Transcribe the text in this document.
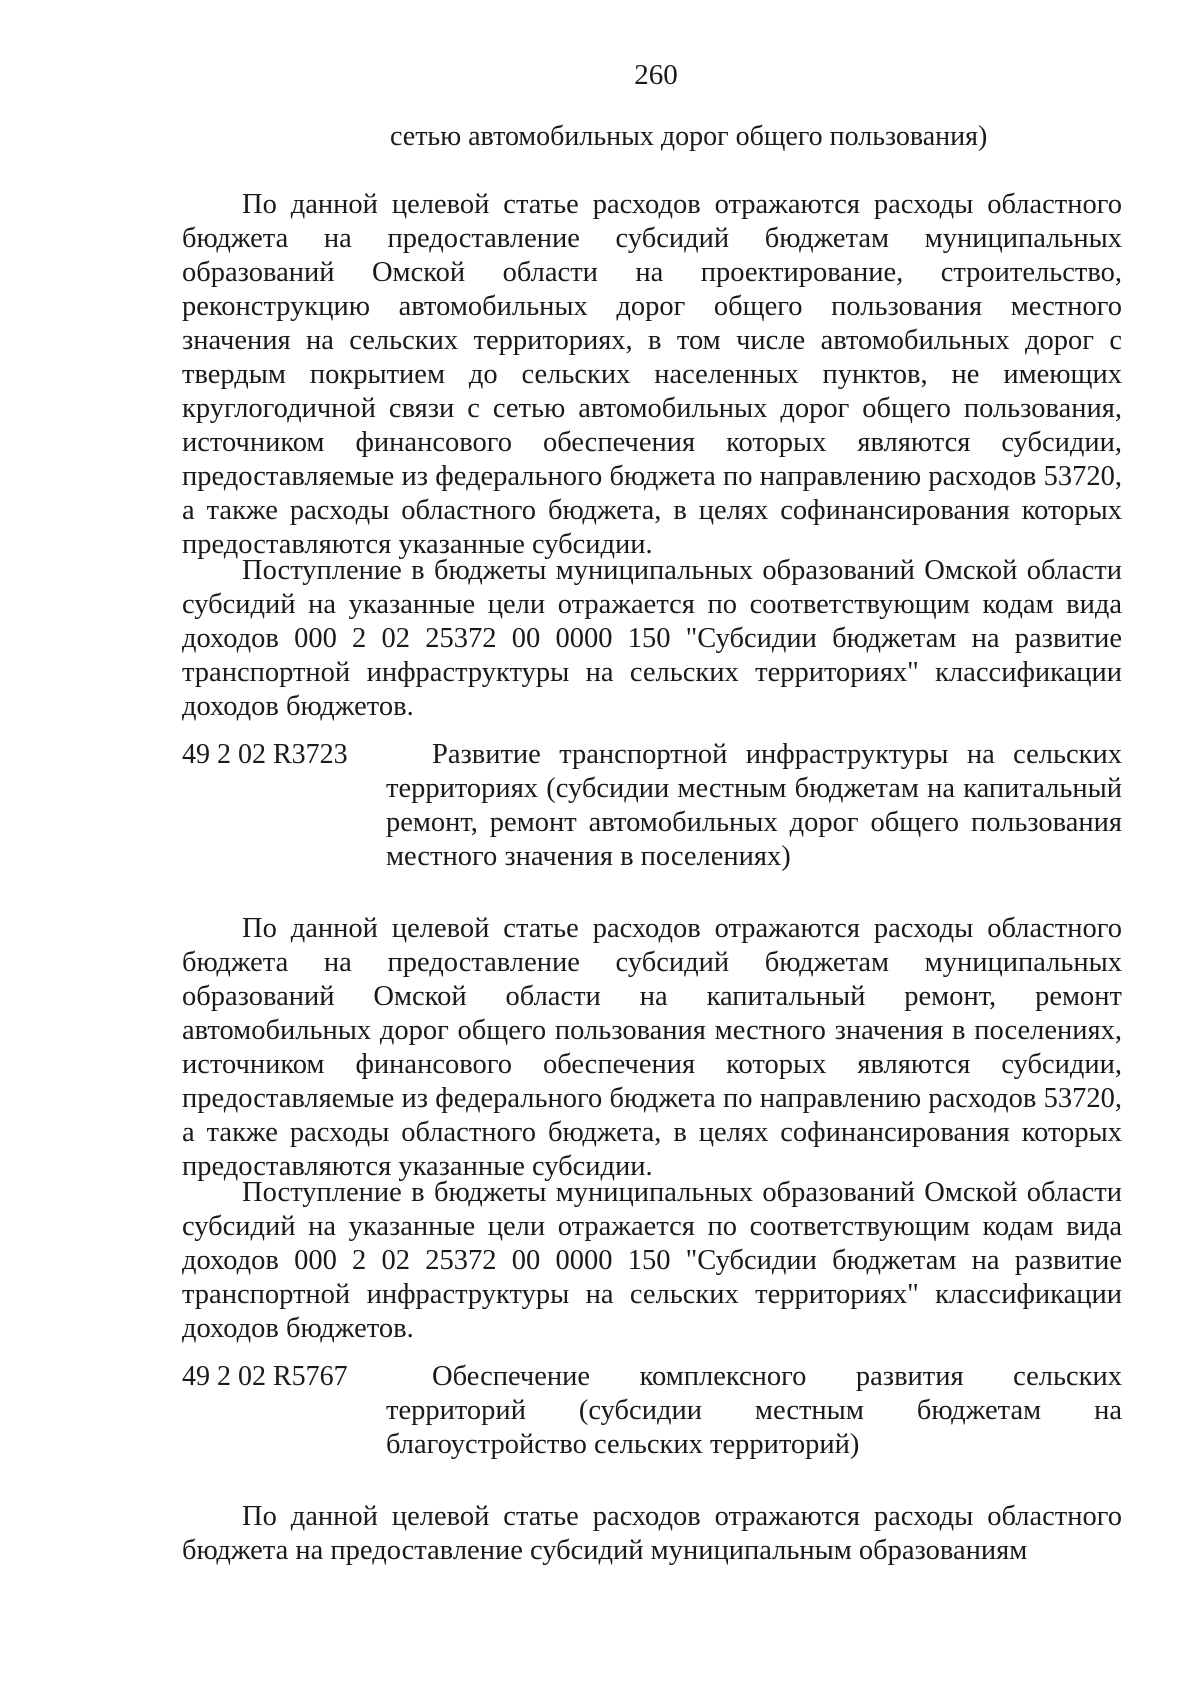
260
сетью автомобильных дорог общего пользования)

По данной целевой статье расходов отражаются расходы областного бюджета на предоставление субсидий бюджетам муниципальных образований Омской области на проектирование, строительство, реконструкцию автомобильных дорог общего пользования местного значения на сельских территориях, в том числе автомобильных дорог с твердым покрытием до сельских населенных пунктов, не имеющих круглогодичной связи с сетью автомобильных дорог общего пользования, источником финансового обеспечения которых являются субсидии, предоставляемые из федерального бюджета по направлению расходов 53720, а также расходы областного бюджета, в целях софинансирования которых предоставляются указанные субсидии.

Поступление в бюджеты муниципальных образований Омской области субсидий на указанные цели отражается по соответствующим кодам вида доходов 000 2 02 25372 00 0000 150 "Субсидии бюджетам на развитие транспортной инфраструктуры на сельских территориях" классификации доходов бюджетов.

49 2 02 R3723	Развитие транспортной инфраструктуры на сельских территориях (субсидии местным бюджетам на капитальный ремонт, ремонт автомобильных дорог общего пользования местного значения в поселениях)

По данной целевой статье расходов отражаются расходы областного бюджета на предоставление субсидий бюджетам муниципальных образований Омской области на капитальный ремонт, ремонт автомобильных дорог общего пользования местного значения в поселениях, источником финансового обеспечения которых являются субсидии, предоставляемые из федерального бюджета по направлению расходов 53720, а также расходы областного бюджета, в целях софинансирования которых предоставляются указанные субсидии.

Поступление в бюджеты муниципальных образований Омской области субсидий на указанные цели отражается по соответствующим кодам вида доходов 000 2 02 25372 00 0000 150 "Субсидии бюджетам на развитие транспортной инфраструктуры на сельских территориях" классификации доходов бюджетов.

49 2 02 R5767	Обеспечение комплексного развития сельских территорий (субсидии местным бюджетам на благоустройство сельских территорий)

По данной целевой статье расходов отражаются расходы областного бюджета на предоставление субсидий муниципальным образованиям
